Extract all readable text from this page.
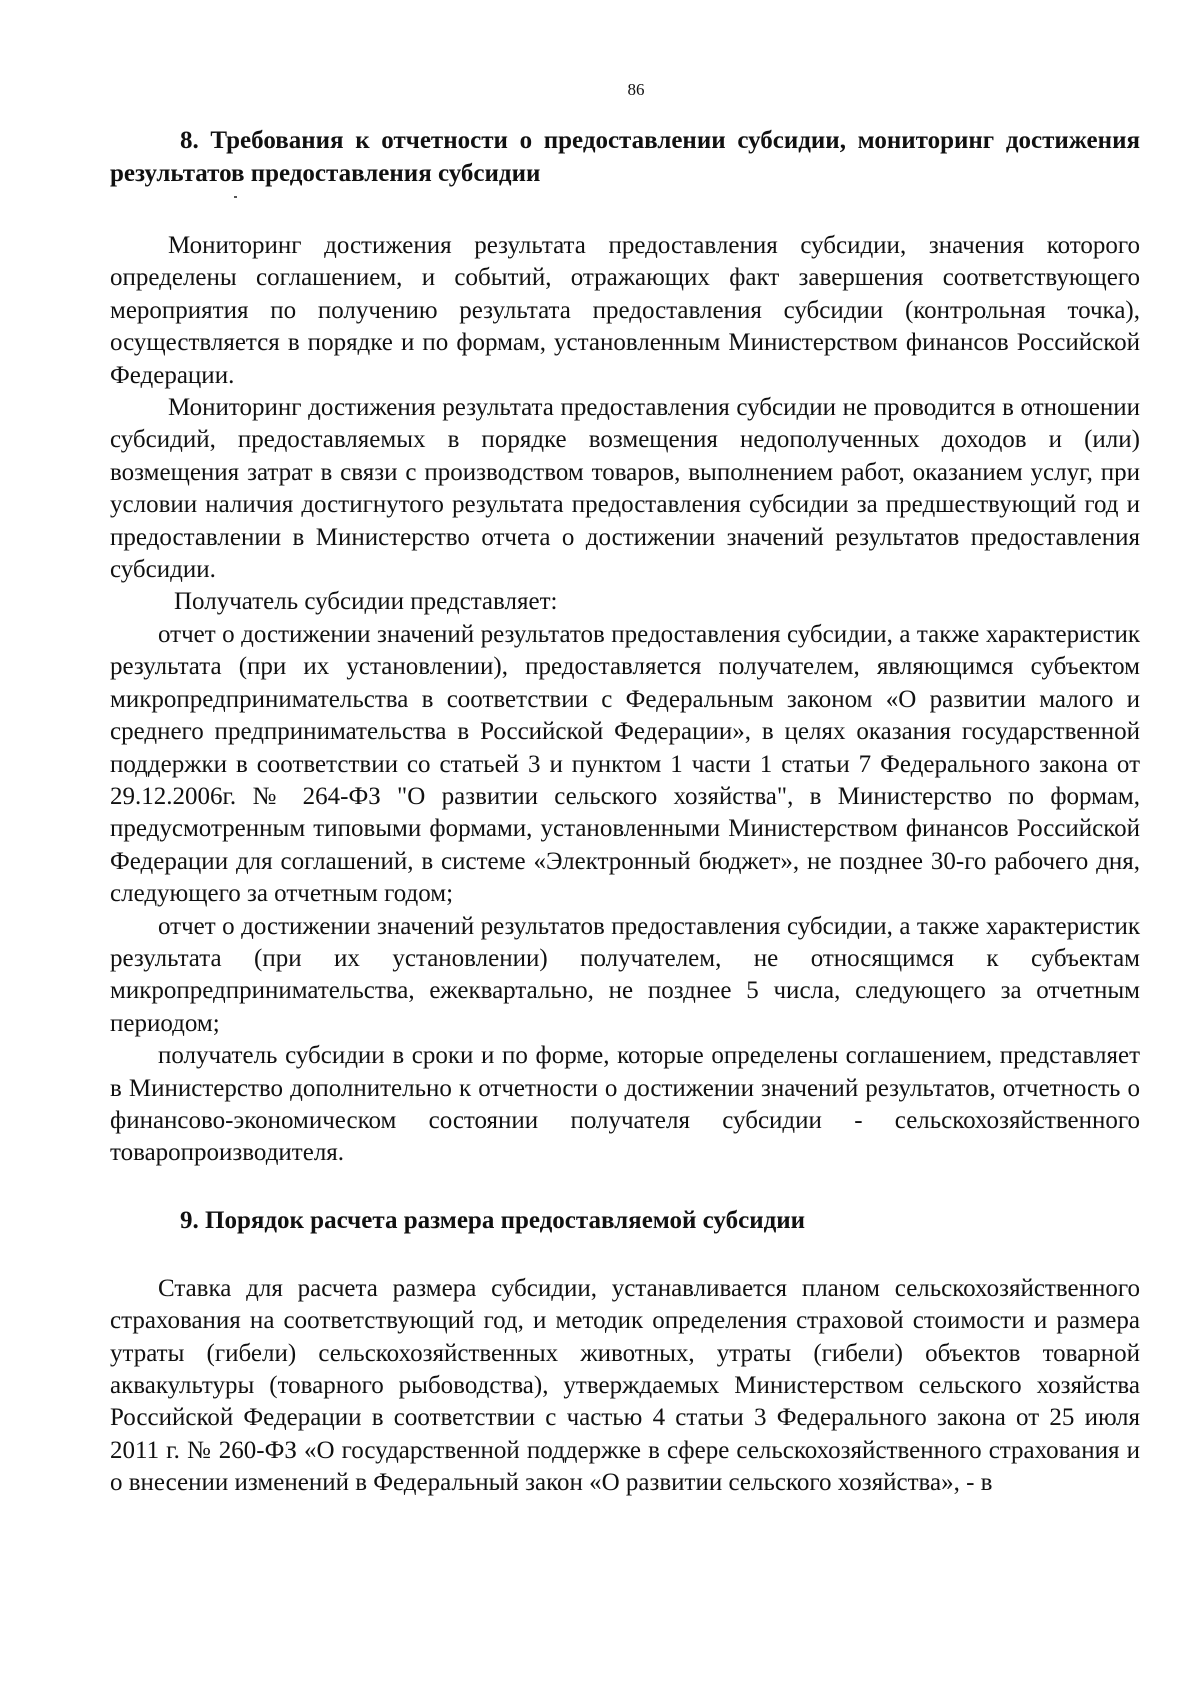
86

8. Требования к отчетности о предоставлении субсидии, мониторинг достижения результатов предоставления субсидии

Мониторинг достижения результата предоставления субсидии, значения которого определены соглашением, и событий, отражающих факт завершения соответствующего мероприятия по получению результата предоставления субсидии (контрольная точка), осуществляется в порядке и по формам, установленным Министерством финансов Российской Федерации.

Мониторинг достижения результата предоставления субсидии не проводится в отношении субсидий, предоставляемых в порядке возмещения недополученных доходов и (или) возмещения затрат в связи с производством товаров, выполнением работ, оказанием услуг, при условии наличия достигнутого результата предоставления субсидии за предшествующий год и предоставлении в Министерство отчета о достижении значений результатов предоставления субсидии.

Получатель субсидии представляет:

отчет о достижении значений результатов предоставления субсидии, а также характеристик результата (при их установлении), предоставляется получателем, являющимся субъектом микропредпринимательства в соответствии с Федеральным законом «О развитии малого и среднего предпринимательства в Российской Федерации», в целях оказания государственной поддержки в соответствии со статьей 3 и пунктом 1 части 1 статьи 7 Федерального закона от 29.12.2006г. № 264-ФЗ "О развитии сельского хозяйства", в Министерство по формам, предусмотренным типовыми формами, установленными Министерством финансов Российской Федерации для соглашений, в системе «Электронный бюджет», не позднее 30-го рабочего дня, следующего за отчетным годом;

отчет о достижении значений результатов предоставления субсидии, а также характеристик результата (при их установлении) получателем, не относящимся к субъектам микропредпринимательства, ежеквартально, не позднее 5 числа, следующего за отчетным периодом;

получатель субсидии в сроки и по форме, которые определены соглашением, представляет в Министерство дополнительно к отчетности о достижении значений результатов, отчетность о финансово-экономическом состоянии получателя субсидии - сельскохозяйственного товаропроизводителя.

9. Порядок расчета размера предоставляемой субсидии

Ставка для расчета размера субсидии, устанавливается планом сельскохозяйственного страхования на соответствующий год, и методик определения страховой стоимости и размера утраты (гибели) сельскохозяйственных животных, утраты (гибели) объектов товарной аквакультуры (товарного рыбоводства), утверждаемых Министерством сельского хозяйства Российской Федерации в соответствии с частью 4 статьи 3 Федерального закона от 25 июля 2011 г. № 260-ФЗ «О государственной поддержке в сфере сельскохозяйственного страхования и о внесении изменений в Федеральный закон «О развитии сельского хозяйства», - в
